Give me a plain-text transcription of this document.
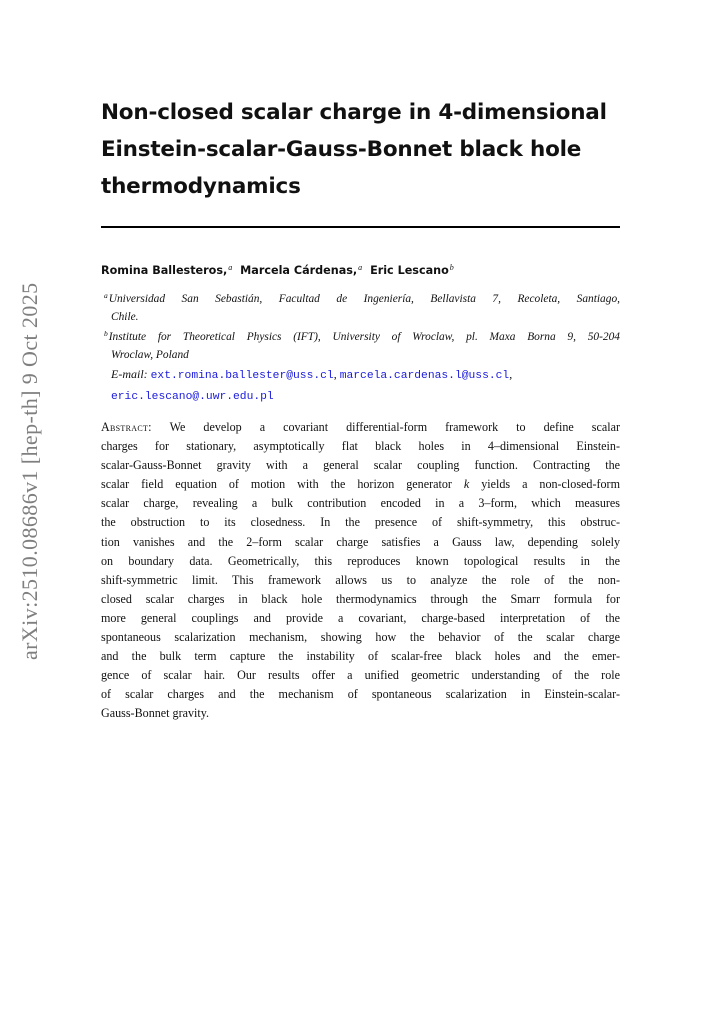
arXiv:2510.08686v1 [hep-th] 9 Oct 2025
Non-closed scalar charge in 4-dimensional
Einstein-scalar-Gauss-Bonnet black hole
thermodynamics
Romina Ballesteros,$^a$ Marcela Cárdenas,$^a$ Eric Lescano$^b$
$^a$Universidad San Sebastián, Facultad de Ingeniería, Bellavista 7, Recoleta, Santiago,
Chile.
$^b$Institute for Theoretical Physics (IFT), University of Wroclaw, pl. Maxa Borna 9, 50-204
Wroclaw, Poland
E-mail: ext.romina.ballester@uss.cl, marcela.cardenas.l@uss.cl,
eric.lescano@.uwr.edu.pl
Abstract: We develop a covariant differential-form framework to define scalar
charges for stationary, asymptotically flat black holes in 4–dimensional Einstein-
scalar-Gauss-Bonnet gravity with a general scalar coupling function. Contracting the
scalar field equation of motion with the horizon generator k yields a non-closed-form
scalar charge, revealing a bulk contribution encoded in a 3–form, which measures
the obstruction to its closedness. In the presence of shift-symmetry, this obstruc-
tion vanishes and the 2–form scalar charge satisfies a Gauss law, depending solely
on boundary data. Geometrically, this reproduces known topological results in the
shift-symmetric limit. This framework allows us to analyze the role of the non-
closed scalar charges in black hole thermodynamics through the Smarr formula for
more general couplings and provide a covariant, charge-based interpretation of the
spontaneous scalarization mechanism, showing how the behavior of the scalar charge
and the bulk term capture the instability of scalar-free black holes and the emer-
gence of scalar hair. Our results offer a unified geometric understanding of the role
of scalar charges and the mechanism of spontaneous scalarization in Einstein-scalar-
Gauss-Bonnet gravity.
